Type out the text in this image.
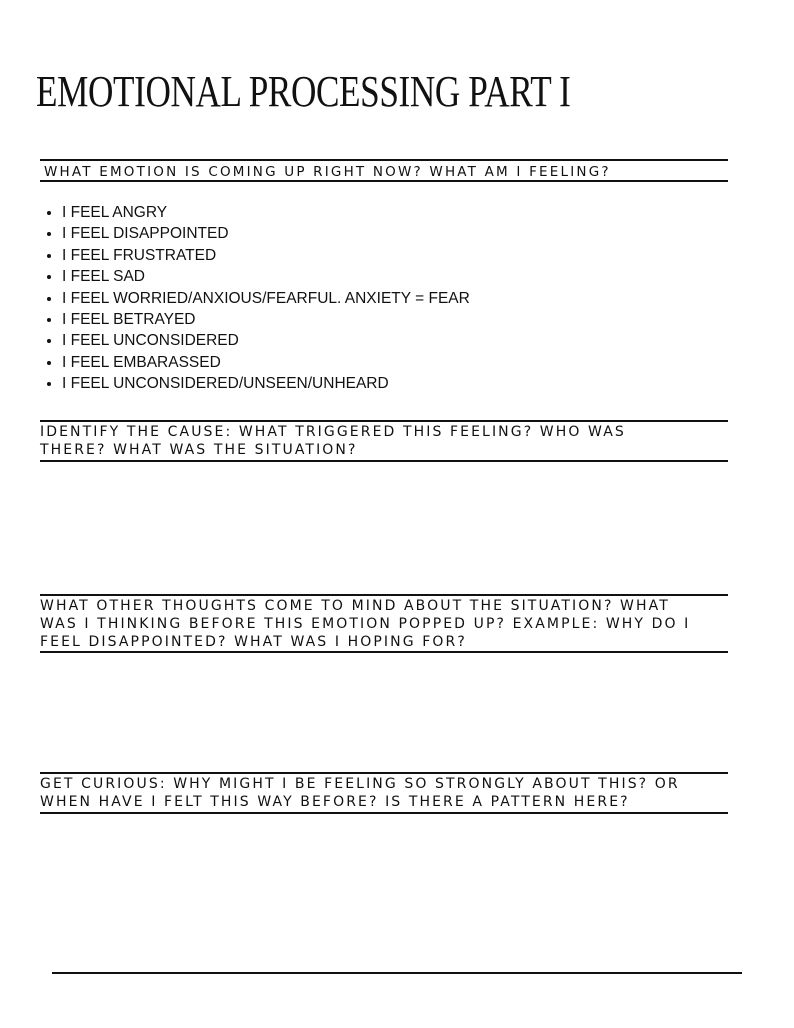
EMOTIONAL PROCESSING PART I

WHAT EMOTION IS COMING UP RIGHT NOW? WHAT AM I FEELING?

• I FEEL ANGRY
• I FEEL DISAPPOINTED
• I FEEL FRUSTRATED
• I FEEL SAD
• I FEEL WORRIED/ANXIOUS/FEARFUL. ANXIETY = FEAR
• I FEEL BETRAYED
• I FEEL UNCONSIDERED
• I FEEL EMBARASSED
• I FEEL UNCONSIDERED/UNSEEN/UNHEARD

IDENTIFY THE CAUSE: WHAT TRIGGERED THIS FEELING? WHO WAS
THERE? WHAT WAS THE SITUATION?

WHAT OTHER THOUGHTS COME TO MIND ABOUT THE SITUATION? WHAT
WAS I THINKING BEFORE THIS EMOTION POPPED UP? EXAMPLE: WHY DO I
FEEL DISAPPOINTED? WHAT WAS I HOPING FOR?

GET CURIOUS: WHY MIGHT I BE FEELING SO STRONGLY ABOUT THIS? OR
WHEN HAVE I FELT THIS WAY BEFORE? IS THERE A PATTERN HERE?
